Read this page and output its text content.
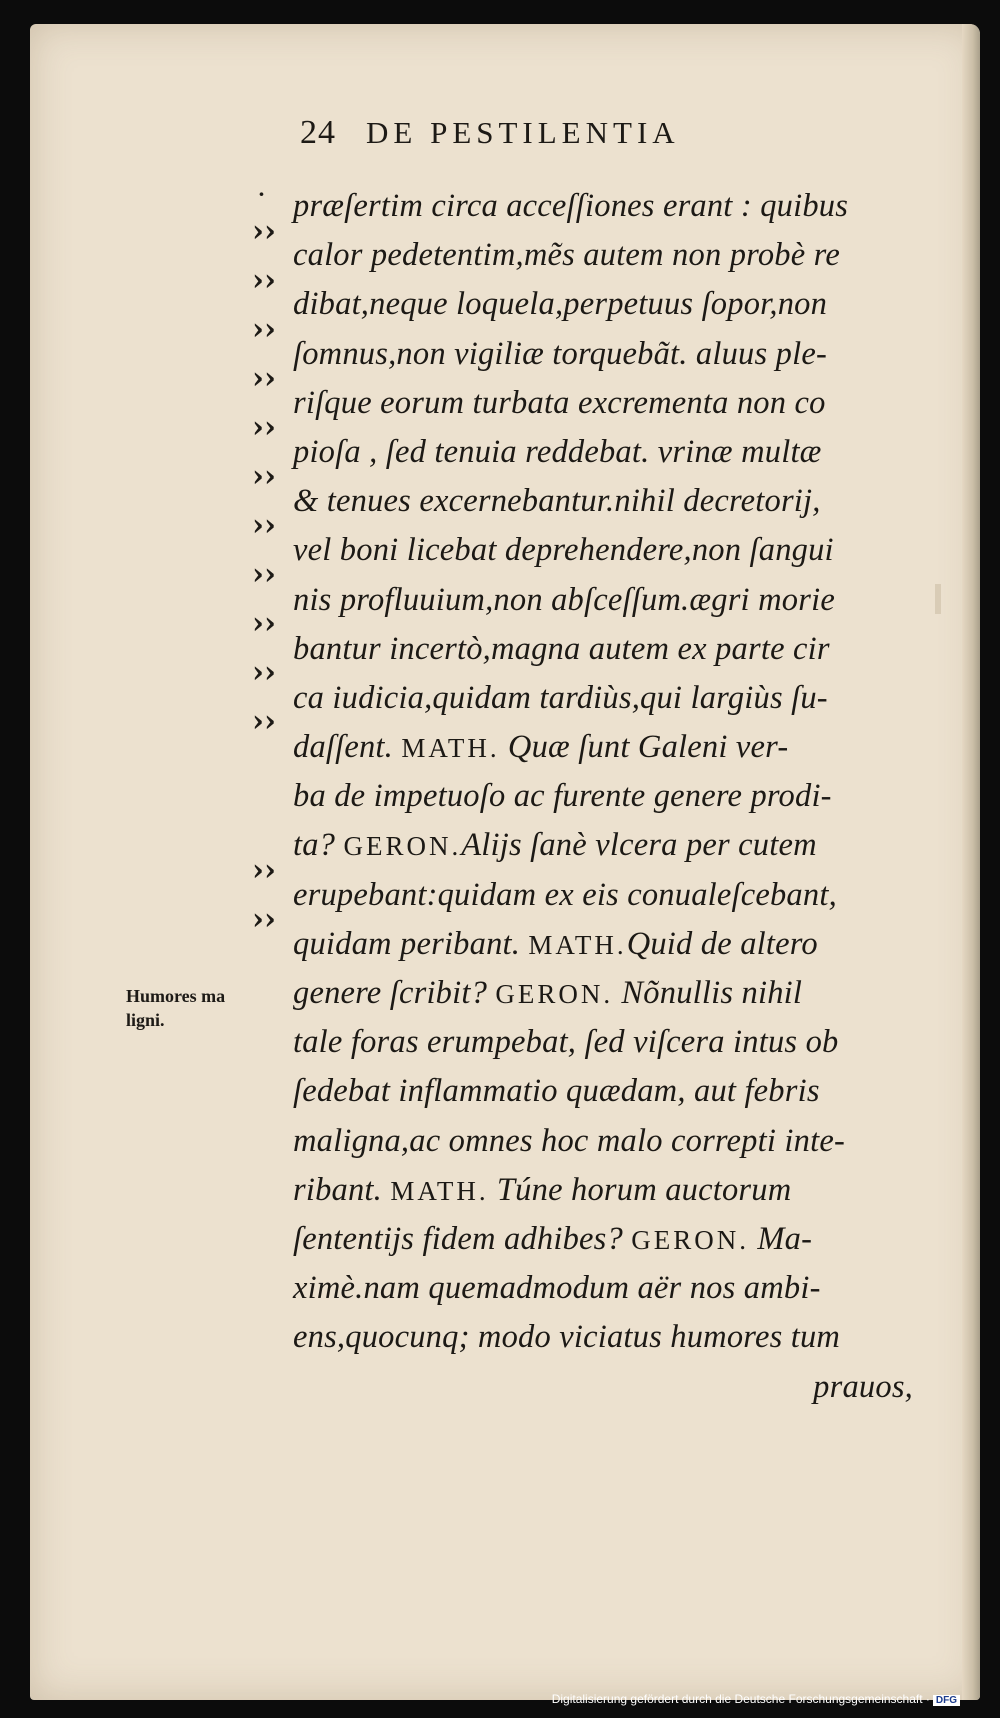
24 DE PESTILENTIA
·
››
››
››
››
››
››
››
››
››
››
››
››
››
Humores ma
ligni.
præſertim circa acceſſiones erant : quibus
calor pedetentim,mẽs autem non probè re
dibat,neque loquela,perpetuus ſopor,non
ſomnus,non vigiliæ torquebãt. aluus ple-
riſque eorum turbata excrementa non co
pioſa , ſed tenuia reddebat. vrinæ multæ
& tenues excernebantur.nihil decretorij,
vel boni licebat deprehendere,non ſangui
nis profluuium,non abſceſſum.ægri morie
bantur incertò,magna autem ex parte cir
ca iudicia,quidam tardiùs,qui largiùs ſu-
daſſent. MATH. Quæ ſunt Galeni ver-
ba de impetuoſo ac furente genere prodi-
ta? GERON.Alijs ſanè vlcera per cutem
erupebant:quidam ex eis conualeſcebant,
quidam peribant. MATH.Quid de altero
genere ſcribit? GERON. Nõnullis nihil
tale foras erumpebat, ſed viſcera intus ob
ſedebat inflammatio quædam, aut febris
maligna,ac omnes hoc malo correpti inte-
ribant. MATH. Túne horum auctorum
ſententijs fidem adhibes? GERON. Ma-
ximè.nam quemadmodum aër nos ambi-
ens,quocunq; modo viciatus humores tum
prauos,
Digitalisierung gefördert durch die Deutsche Forschungsgemeinschaft · DFG
